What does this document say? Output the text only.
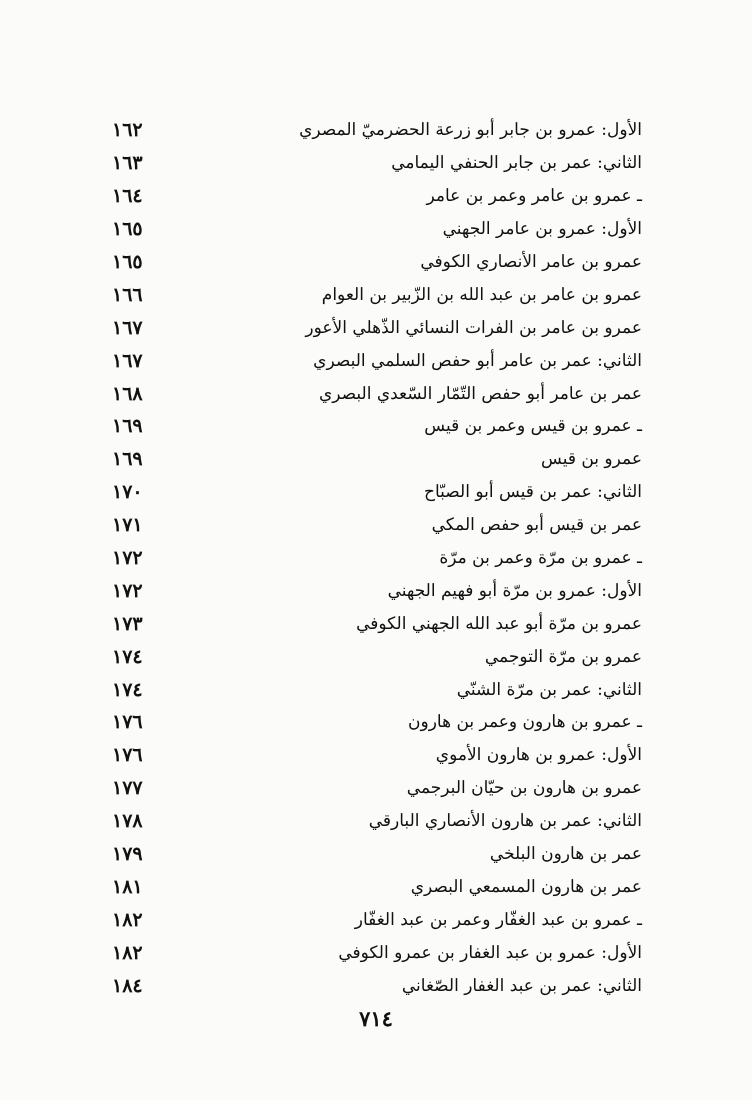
١٦٢	الأول: عمرو بن جابر أبو زرعة الحضرميّ المصري
١٦٣	الثاني: عمر بن جابر الحنفي اليمامي
١٦٤	ـ عمرو بن عامر وعمر بن عامر
١٦٥	الأول: عمرو بن عامر الجهني
١٦٥	عمرو بن عامر الأنصاري الكوفي
١٦٦	عمرو بن عامر بن عبد الله بن الزّبير بن العوام
١٦٧	عمرو بن عامر بن الفرات النسائي الذّهلي الأعور
١٦٧	الثاني: عمر بن عامر أبو حفص السلمي البصري
١٦٨	عمر بن عامر أبو حفص التّمّار السّعدي البصري
١٦٩	ـ عمرو بن قيس وعمر بن قيس
١٦٩	عمرو بن قيس
١٧٠	الثاني: عمر بن قيس أبو الصبّاح
١٧١	عمر بن قيس أبو حفص المكي
١٧٢	ـ عمرو بن مرّة وعمر بن مرّة
١٧٢	الأول: عمرو بن مرّة أبو فهيم الجهني
١٧٣	عمرو بن مرّة أبو عبد الله الجهني الكوفي
١٧٤	عمرو بن مرّة التوجمي
١٧٤	الثاني: عمر بن مرّة الشنّي
١٧٦	ـ عمرو بن هارون وعمر بن هارون
١٧٦	الأول: عمرو بن هارون الأموي
١٧٧	عمرو بن هارون بن حيّان البرجمي
١٧٨	الثاني: عمر بن هارون الأنصاري البارقي
١٧٩	عمر بن هارون البلخي
١٨١	عمر بن هارون المسمعي البصري
١٨٢	ـ عمرو بن عبد الغفّار وعمر بن عبد الغفّار
١٨٢	الأول: عمرو بن عبد الغفار بن عمرو الكوفي
١٨٤	الثاني: عمر بن عبد الغفار الصّغاني
٧١٤
